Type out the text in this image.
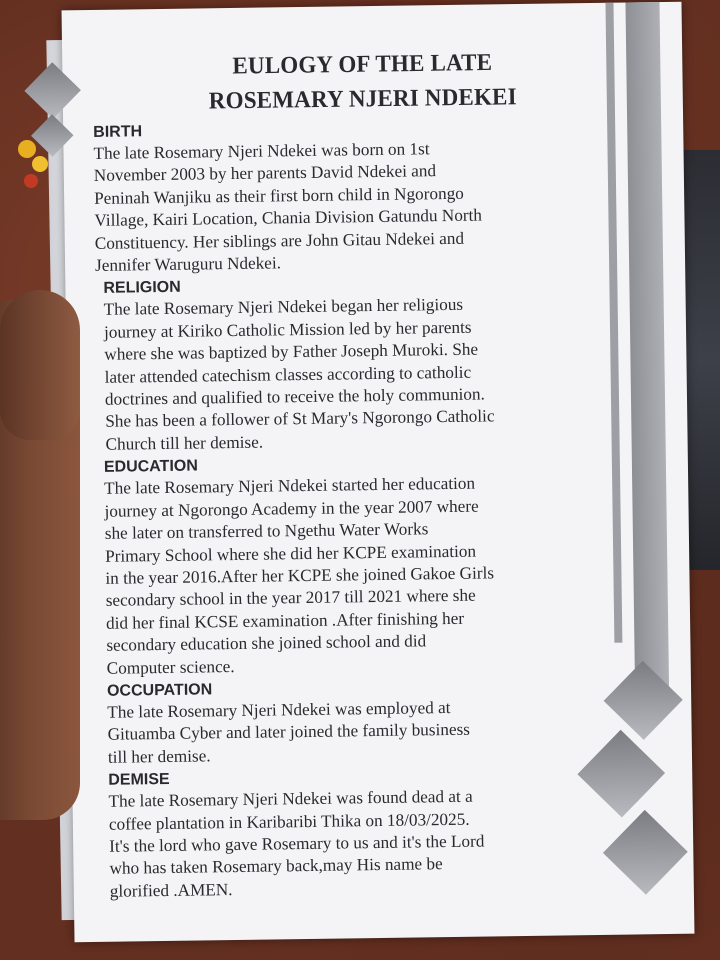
EULOGY OF THE LATE
ROSEMARY NJERI NDEKEI
BIRTH
The late Rosemary Njeri Ndekei was born on 1st
November 2003 by her parents David Ndekei and
Peninah Wanjiku as their first born child in Ngorongo
Village, Kairi Location, Chania Division Gatundu North
Constituency. Her siblings are John Gitau Ndekei and
Jennifer Waruguru Ndekei.
RELIGION
The late Rosemary Njeri Ndekei began her religious
journey at Kiriko Catholic Mission led by her parents
where she was baptized by Father Joseph Muroki. She
later attended catechism classes according to catholic
doctrines and qualified to receive the holy communion.
She has been a follower of St Mary's Ngorongo Catholic
Church till her demise.
EDUCATION
The late Rosemary Njeri Ndekei started her education
journey at Ngorongo Academy in the year 2007 where
she later on transferred to Ngethu Water Works
Primary School where she did her KCPE examination
in the year 2016.After her KCPE she joined Gakoe Girls
secondary school in the year 2017 till 2021 where she
did her final KCSE examination .After finishing her
secondary education she joined school and did
Computer science.
OCCUPATION
The late Rosemary Njeri Ndekei was employed at
Gituamba Cyber and later joined the family business
till her demise.
DEMISE
The late Rosemary Njeri Ndekei was found dead at a
coffee plantation in Karibaribi Thika on 18/03/2025.
It's the lord who gave Rosemary to us and it's the Lord
who has taken Rosemary back,may His name be
glorified .AMEN.
